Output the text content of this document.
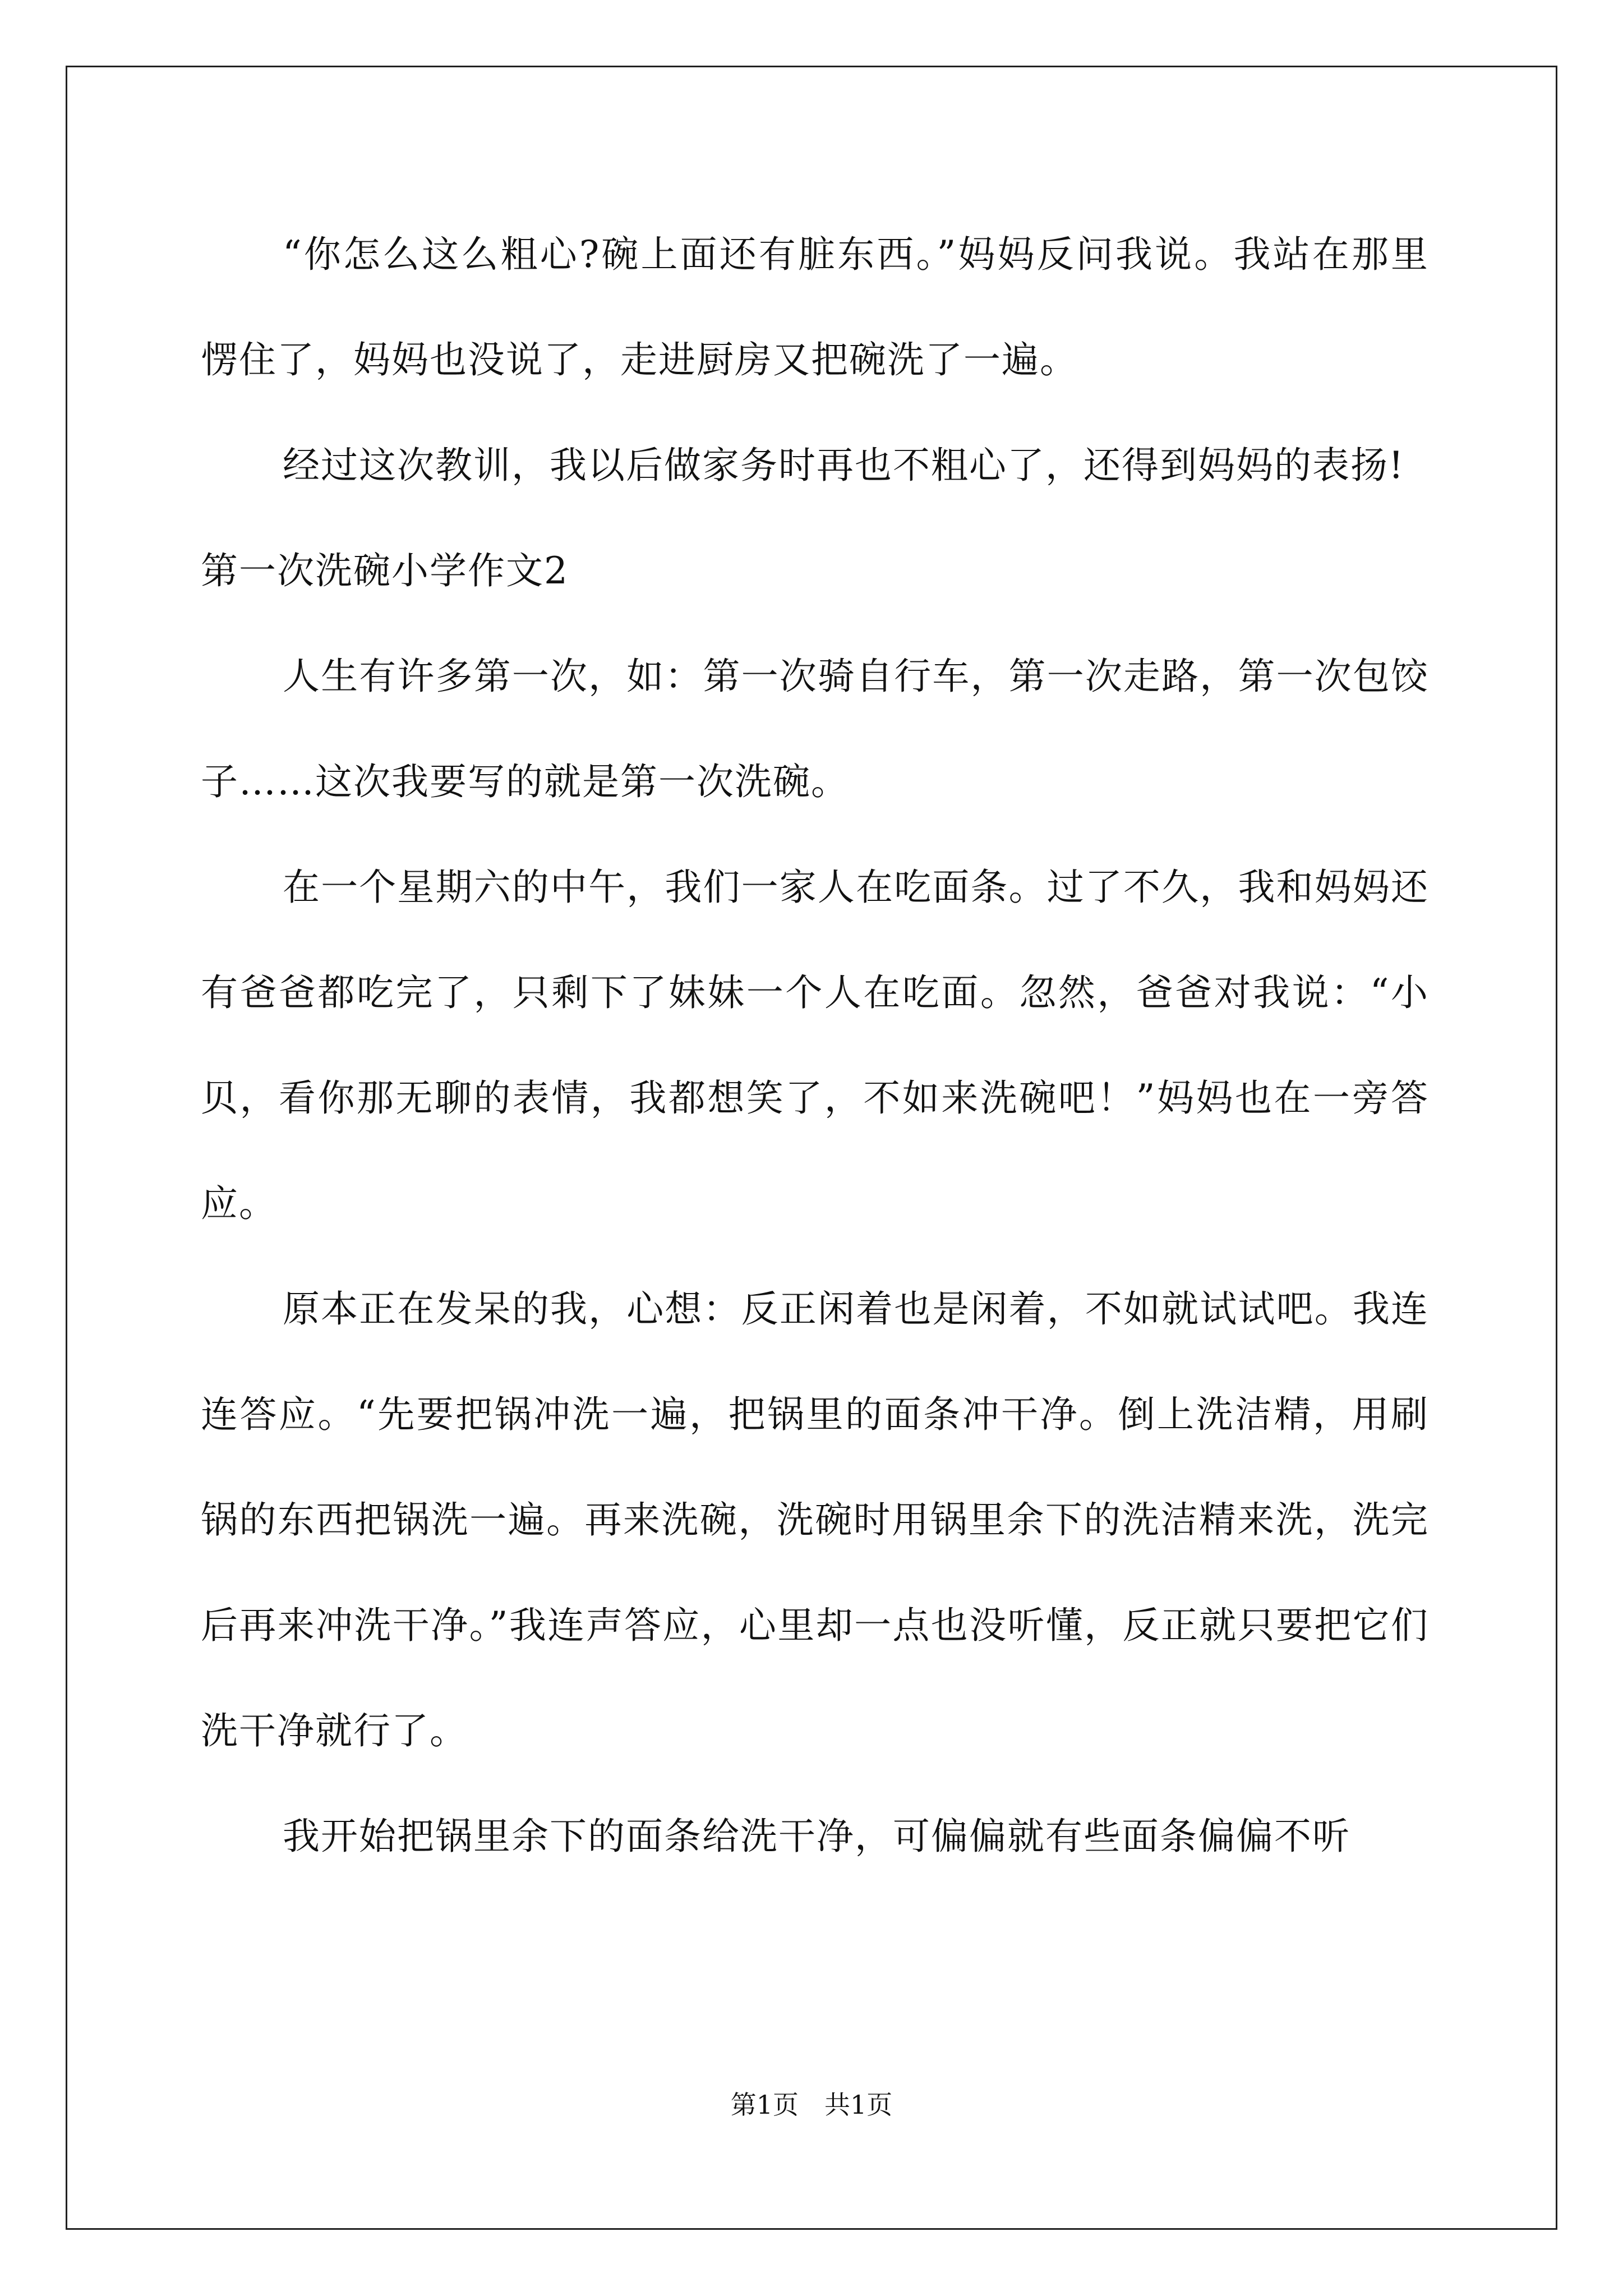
“你怎么这么粗心?碗上面还有脏东西。”妈妈反问我说。我站在那里愣住了，妈妈也没说了，走进厨房又把碗洗了一遍。

经过这次教训，我以后做家务时再也不粗心了，还得到妈妈的表扬!

第一次洗碗小学作文2

人生有许多第一次，如：第一次骑自行车，第一次走路，第一次包饺子……这次我要写的就是第一次洗碗。

在一个星期六的中午，我们一家人在吃面条。过了不久，我和妈妈还有爸爸都吃完了，只剩下了妹妹一个人在吃面。忽然，爸爸对我说：“小贝，看你那无聊的表情，我都想笑了，不如来洗碗吧！”妈妈也在一旁答应。

原本正在发呆的我，心想：反正闲着也是闲着，不如就试试吧。我连连答应。“先要把锅冲洗一遍，把锅里的面条冲干净。倒上洗洁精，用刷锅的东西把锅洗一遍。再来洗碗，洗碗时用锅里余下的洗洁精来洗，洗完后再来冲洗干净。”我连声答应，心里却一点也没听懂，反正就只要把它们洗干净就行了。

我开始把锅里余下的面条给洗干净，可偏偏就有些面条偏偏不听

第1页 共1页
